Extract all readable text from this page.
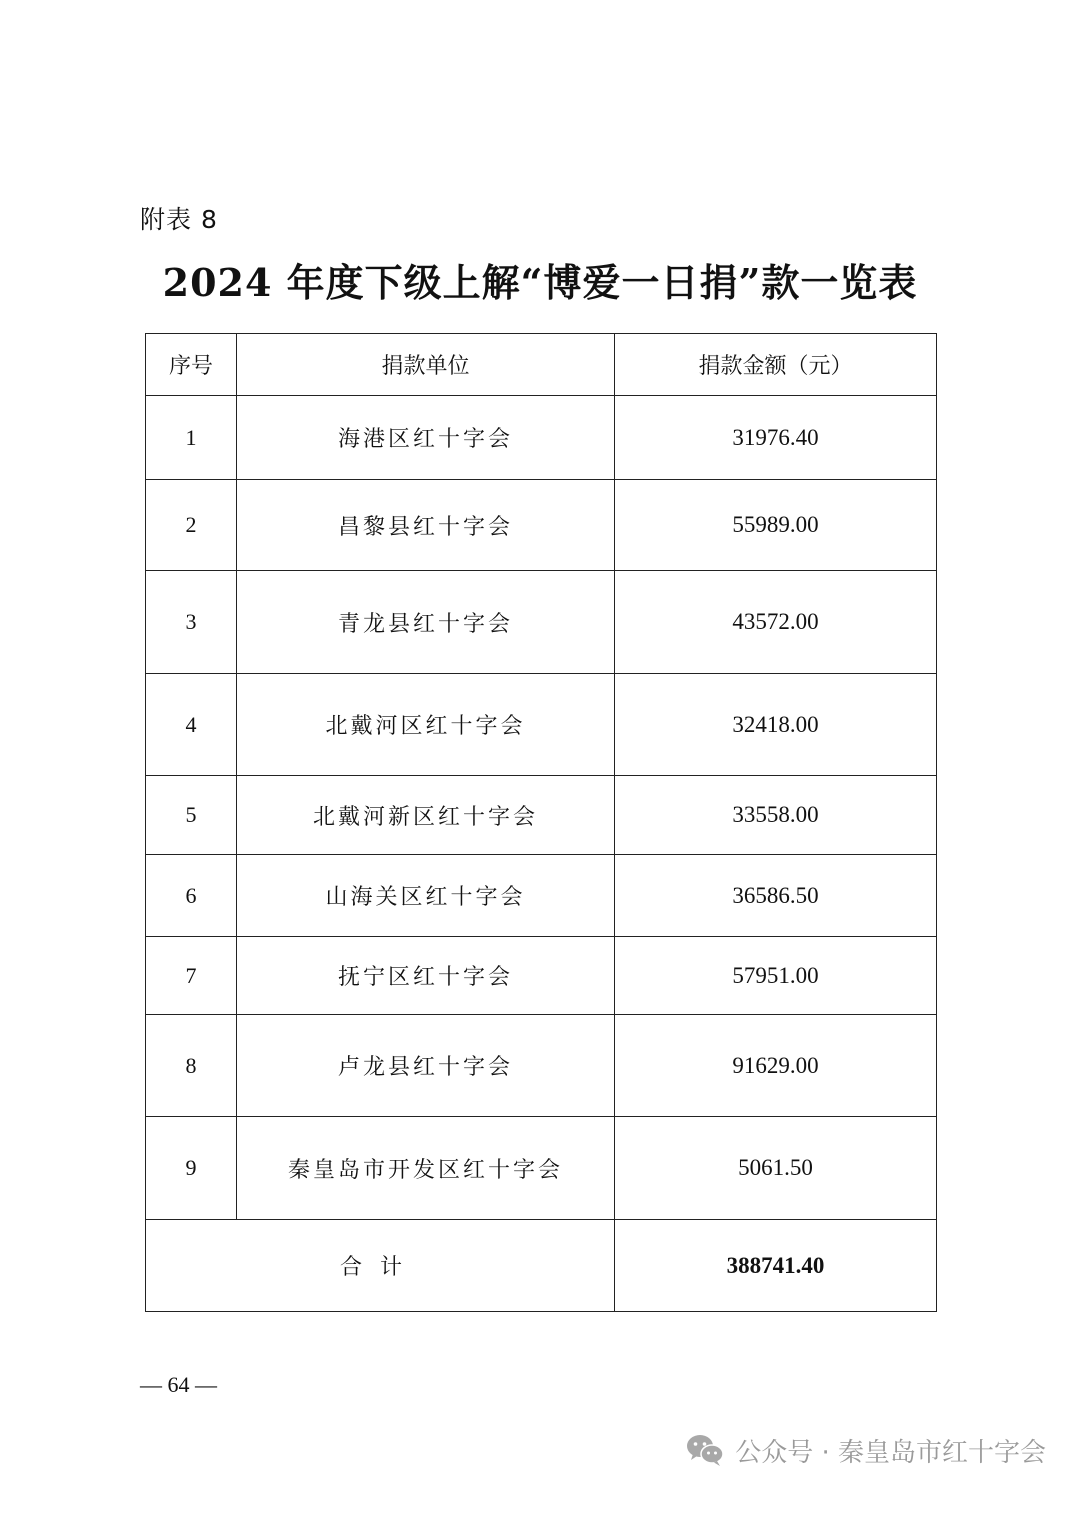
附表 8
2024 年度下级上解“博爱一日捐”款一览表
序号	捐款单位	捐款金额（元）
1	海港区红十字会	31976.40
2	昌黎县红十字会	55989.00
3	青龙县红十字会	43572.00
4	北戴河区红十字会	32418.00
5	北戴河新区红十字会	33558.00
6	山海关区红十字会	36586.50
7	抚宁区红十字会	57951.00
8	卢龙县红十字会	91629.00
9	秦皇岛市开发区红十字会	5061.50
合计		388741.40
— 64 —
公众号 · 秦皇岛市红十字会
